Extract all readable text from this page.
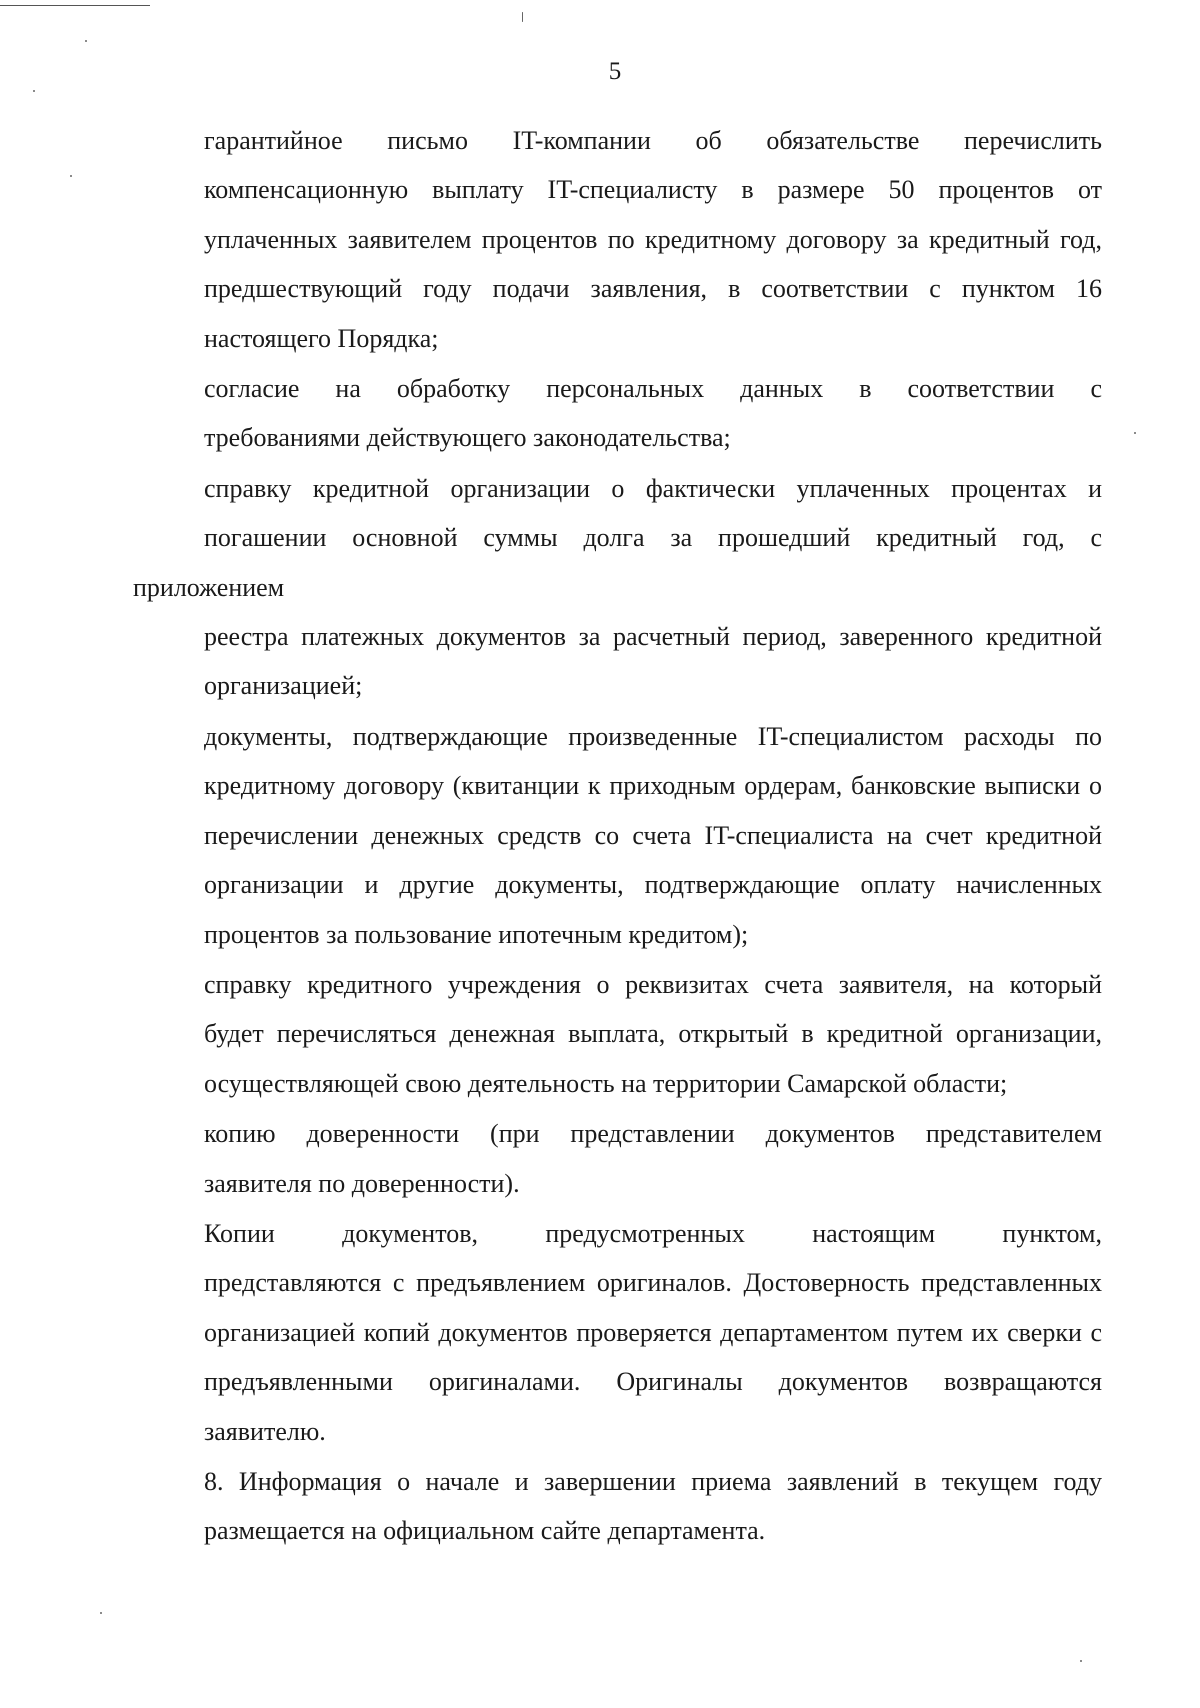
5

гарантийное письмо IT-компании об обязательстве перечислить
компенсационную выплату IT-специалисту в размере 50 процентов от
уплаченных заявителем процентов по кредитному договору за кредитный год,
предшествующий году подачи заявления, в соответствии с пунктом 16
настоящего Порядка;

согласие на обработку персональных данных в соответствии с
требованиями действующего законодательства;

справку кредитной организации о фактически уплаченных процентах и
погашении основной суммы долга за прошедший кредитный год, с приложением
реестра платежных документов за расчетный период, заверенного кредитной
организацией;

документы, подтверждающие произведенные IT-специалистом расходы по
кредитному договору (квитанции к приходным ордерам, банковские выписки о
перечислении денежных средств со счета IT-специалиста на счет кредитной
организации и другие документы, подтверждающие оплату начисленных
процентов за пользование ипотечным кредитом);

справку кредитного учреждения о реквизитах счета заявителя, на который
будет перечисляться денежная выплата, открытый в кредитной организации,
осуществляющей свою деятельность на территории Самарской области;

копию доверенности (при представлении документов представителем
заявителя по доверенности).

Копии документов, предусмотренных настоящим пунктом,
представляются с предъявлением оригиналов. Достоверность представленных
организацией копий документов проверяется департаментом путем их сверки с
предъявленными оригиналами. Оригиналы документов возвращаются
заявителю.

8. Информация о начале и завершении приема заявлений в текущем году
размещается на официальном сайте департамента.
